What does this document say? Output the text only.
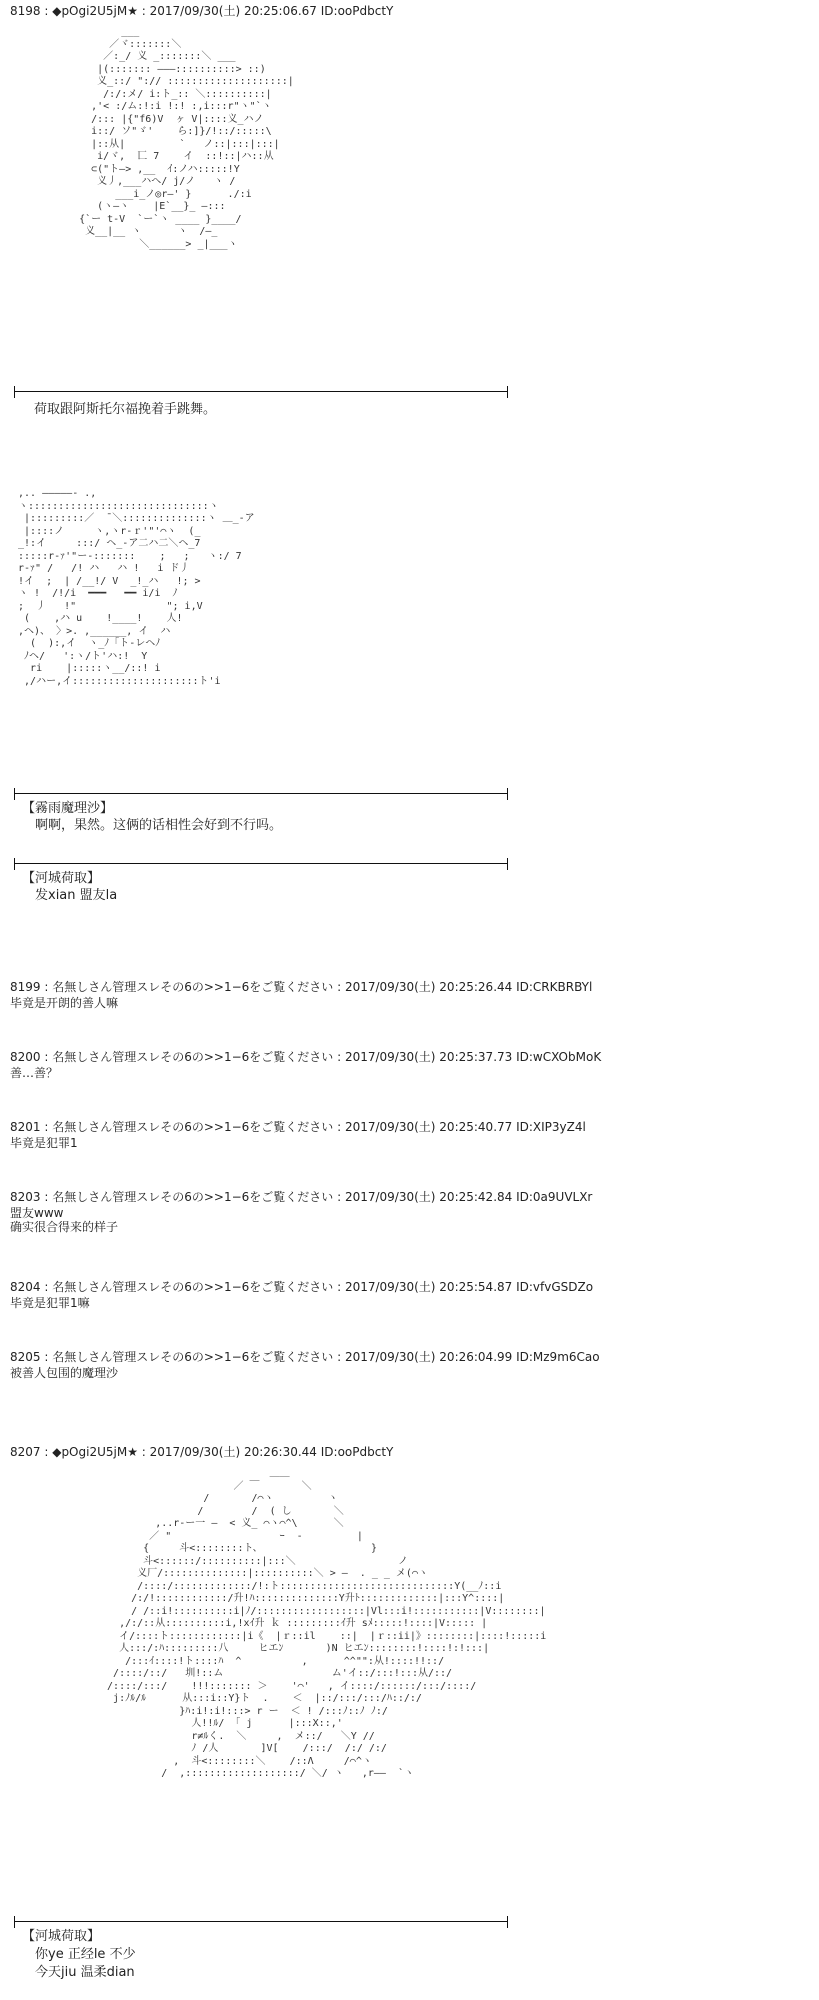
8198 : ◆pOgi2U5jM★ : 2017/09/30(土) 20:25:06.67 ID:ooPdbctY
___
／ヾ:::::::＼
／:_/ 义 _:::::::＼ ___
|(::::::: ―――::::::::::> ::)
义_::/ ":// ::::::::::::::::::::|
/:/:メ/ i:ト_:: ＼::::::::::|
,'< :/ム:!:i !:! :,i:::r"ヽ"`ヽ
/::: |{"f6)V  ヶ V|::::义_ハノ
i::/ ソ"ゞ'    ら:]}/!::/:::::\
|::从|         `   ノ::|:::|:::|
i/ヾ,  匸 7    イ  ::!::|ハ::从
⊂("ト―> ,__  ｲ:ノハ:::::!Y
义丿,___ハへ/ j/ノ   ヽ /
___i_ノ◎r―' }      ./:i
(ヽ―ヽ    |E`__}_ ―:::
{`ー t-V  `ー`ヽ ____ }____/
义__|__ ヽ      ヽ  /―_
＼______> _|___ヽ
荷取跟阿斯托尔福挽着手跳舞。
,.. ―――――- .,
ヽ::::::::::::::::::::::::::::::ヽ
|:::::::::／  ̄ ＼::::::::::::::ヽ ＿_-ア
|::::ノ     ヽ,ヽr‐ｒ'"'⌒ヽ  (_
_!:イ     :::/ ヘ_-ア二ハ二＼ヘ_7
:::::r‐ｧ'"ー-:::::::    ;   ;   ヽ:/ 7
r‐ｧ" /   /! ハ   ハ !   i ド丿
!イ  ;  | /__!/ V  _!_ハ   !; >
ヽ !  /!/i  ━━━   ━━ i/i  ﾉ
;  丿   !"               "; i,V
(    ,ハ u    !____!    人!
,ヘ)、 〉>. ,______, イ  ハ
(  ):,イ  ヽ_ﾉ「ト-レヘﾉ
ﾉヘ/   ':ヽ/ト'ハ:!  Y
ri    |:::::ヽ__/::! i
,/ハー,イ:::::::::::::::::::::ト'i
【霧雨魔理沙】
　啊啊，果然。这俩的话相性会好到不行吗。
【河城荷取】
　发xian 盟友la
8199 : 名無しさん管理スレその6の>>1−6をご覧ください : 2017/09/30(土) 20:25:26.44 ID:CRKBRBYl
毕竟是开朗的善人嘛
8200 : 名無しさん管理スレその6の>>1−6をご覧ください : 2017/09/30(土) 20:25:37.73 ID:wCXObMoK
善…善？
8201 : 名無しさん管理スレその6の>>1−6をご覧ください : 2017/09/30(土) 20:25:40.77 ID:XIP3yZ4l
毕竟是犯罪1
8203 : 名無しさん管理スレその6の>>1−6をご覧ください : 2017/09/30(土) 20:25:42.84 ID:0a9UVLXr
盟友www
确实很合得来的样子
8204 : 名無しさん管理スレその6の>>1−6をご覧ください : 2017/09/30(土) 20:25:54.87 ID:vfvGSDZo
毕竟是犯罪1嘛
8205 : 名無しさん管理スレその6の>>1−6をご覧ください : 2017/09/30(土) 20:26:04.99 ID:Mz9m6Cao
被善人包围的魔理沙
8207 : ◆pOgi2U5jM★ : 2017/09/30(土) 20:26:30.44 ID:ooPdbctY
＿＿
／ ￣       ＼
/       /⌒ヽ         ヽ
/        /  ( し       ＼
,..r‐ー一 ―  < 义_ ⌒ヽ⌒^\      ＼
／ "                  ｰ  -         |
{     斗<::::::::ト、                  }
斗<::::::/::::::::::|:::＼                 ノ
义厂/::::::::::::::|::::::::::＼ > ―  . _ _ メ(⌒ヽ
/::::/:::::::::::::/!:ト:::::::::::::::::::::::::::::Y(__ﾉ::i
/:/!::::::::::::/升!ﾊ::::::::::::::Y升ﾄ:::::::::::::|:::Y^::::|
/ /::i!::::::::::i|ﾉ/::::::::::::::::::|Vl:::i!:::::::::::|V::::::::|
,/:/::从::::::::::i,!xｲ升 ｋ :::::::::ｲ升 sﾒ:::::!::::|V::::: |
イ/::::ト::::::::::::|i《  |ｒ::il    ::|  |ｒ::ii|》::::::::|::::!:::::i
人:::/:ﾊ:::::::::八     ヒエﾝ       )N ヒエﾝ::::::::!::::!:!:::|
/:::ｲ::::!ト::::ﾊ  ^          ,      ^^"":从!::::!!::/
/::::/::/   圳!::ム                  ム'イ::/:::!:::从/::/
/::::/:::/    !!!::::::: ＞    '⌒'   , イ::::/::::::/:::/::::/
j:ﾉﾙ/ﾙ      从:::i::Y}ト  .    ＜  |::/:::/:::/ﾊ::/:/
}ﾊ:i!:i!:::> r ー  ＜ ! /:::ﾉ::ﾉ ﾉ:/
人!!ﾙ/ 「 j      |:::X::,'
r≠ﾙく.  ＼     ,  メ::/   ＼Y //
ﾉ /人       ]V[    /:::/  /:/ /:/
,  斗<::::::::＼    /::Λ     /⌒^ヽ
/  ,:::::::::::::::::::/ ＼/ ヽ   ,r――  `ヽ
【河城荷取】
　你ye 正经le 不少
　今天jiu 温柔dian
